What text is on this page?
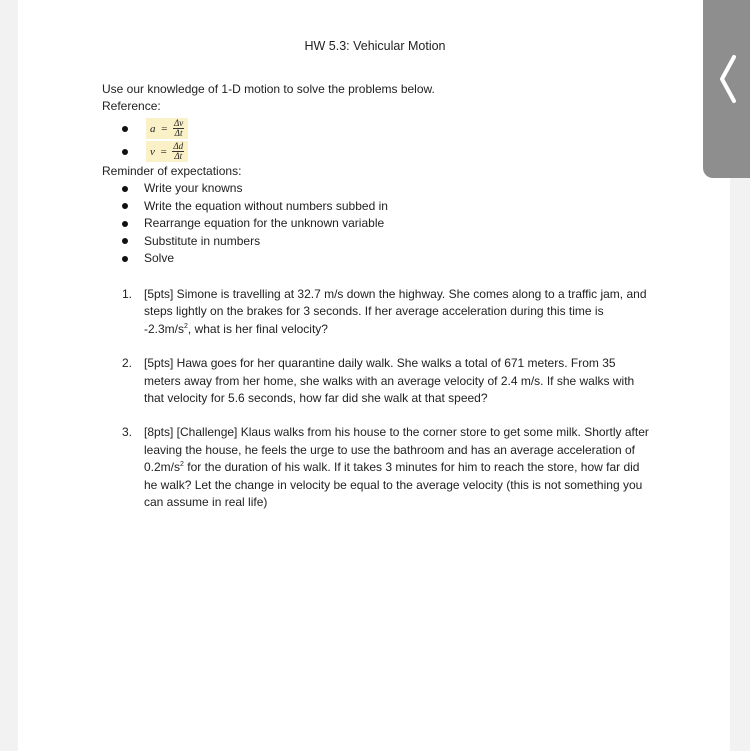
HW 5.3: Vehicular Motion
Use our knowledge of 1-D motion to solve the problems below.
Reference:
$a = \frac{\Delta v}{\Delta t}$
$v = \frac{\Delta d}{\Delta t}$
Reminder of expectations:
Write your knowns
Write the equation without numbers subbed in
Rearrange equation for the unknown variable
Substitute in numbers
Solve
1. [5pts] Simone is travelling at 32.7 m/s down the highway. She comes along to a traffic jam, and steps lightly on the brakes for 3 seconds. If her average acceleration during this time is $-2.3m/s^2$, what is her final velocity?
2. [5pts] Hawa goes for her quarantine daily walk. She walks a total of 671 meters. From 35 meters away from her home, she walks with an average velocity of 2.4 m/s. If she walks with that velocity for 5.6 seconds, how far did she walk at that speed?
3. [8pts] [Challenge] Klaus walks from his house to the corner store to get some milk. Shortly after leaving the house, he feels the urge to use the bathroom and has an average acceleration of $0.2m/s^2$ for the duration of his walk. If it takes 3 minutes for him to reach the store, how far did he walk? Let the change in velocity be equal to the average velocity (this is not something you can assume in real life)
